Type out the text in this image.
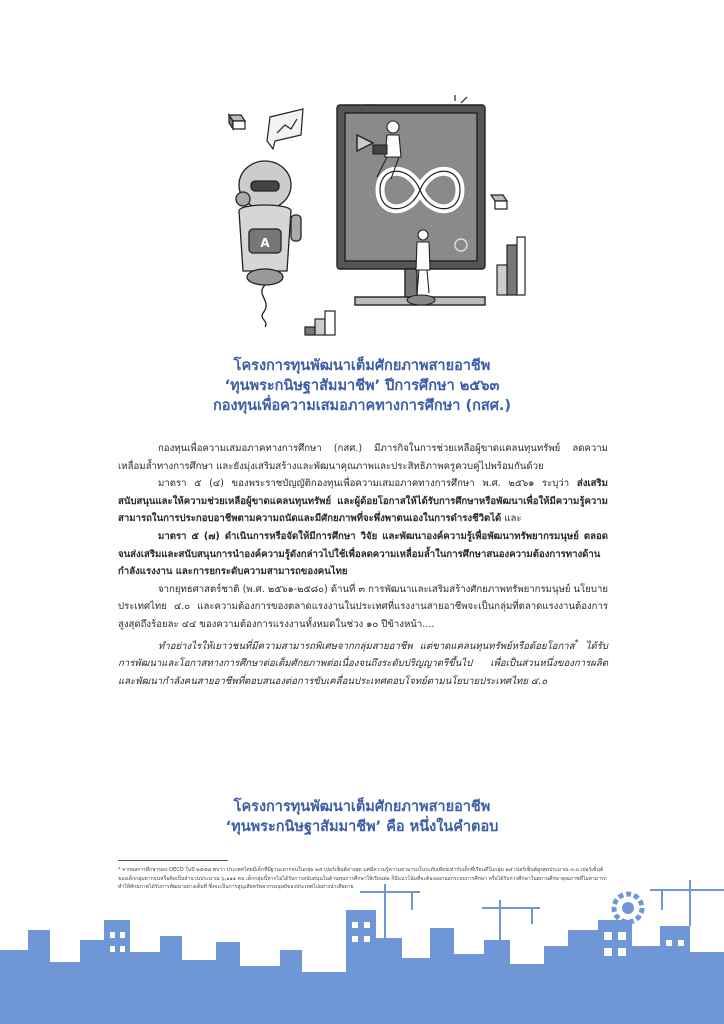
A
โครงการทุนพัฒนาเต็มศักยภาพสายอาชีพ
‘ทุนพระกนิษฐาสัมมาชีพ’ ปีการศึกษา ๒๕๖๓
กองทุนเพื่อความเสมอภาคทางการศึกษา (กสศ.)

กองทุนเพื่อความเสมอภาคทางการศึกษา (กสศ.) มีภารกิจในการช่วยเหลือผู้ขาดแคลนทุนทรัพย์ ลดความเหลื่อมล้ำทางการศึกษา และยังมุ่งเสริมสร้างและพัฒนาคุณภาพและประสิทธิภาพครูควบคู่ไปพร้อมกันด้วย

มาตรา ๕ (๔) ของพระราชบัญญัติกองทุนเพื่อความเสมอภาคทางการศึกษา พ.ศ. ๒๕๖๑ ระบุว่า ส่งเสริม สนับสนุนและให้ความช่วยเหลือผู้ขาดแคลนทุนทรัพย์ และผู้ด้อยโอกาสให้ได้รับการศึกษาหรือพัฒนาเพื่อให้มีความรู้ความสามารถในการประกอบอาชีพตามความถนัดและมีศักยภาพที่จะพึ่งพาตนเองในการดำรงชีวิตได้ และ

มาตรา ๕ (๗) ดำเนินการหรือจัดให้มีการศึกษา วิจัย และพัฒนาองค์ความรู้เพื่อพัฒนาทรัพยากรมนุษย์ ตลอดจนส่งเสริมและสนับสนุนการนำองค์ความรู้ดังกล่าวไปใช้เพื่อลดความเหลื่อมล้ำในการศึกษาสนองความต้องการทางด้านกำลังแรงงาน และการยกระดับความสามารถของคนไทย

จากยุทธศาสตร์ชาติ (พ.ศ. ๒๕๖๑-๒๕๘๐) ด้านที่ ๓ การพัฒนาและเสริมสร้างศักยภาพทรัพยากรมนุษย์ นโยบายประเทศไทย ๔.๐ และความต้องการของตลาดแรงงานในประเทศที่แรงงานสายอาชีพจะเป็นกลุ่มที่ตลาดแรงงานต้องการสูงสุดถึงร้อยละ ๔๔ ของความต้องการแรงงานทั้งหมดในช่วง ๑๐ ปีข้างหน้า....

ทำอย่างไรให้เยาวชนที่มีความสามารถพิเศษจากกลุ่มสายอาชีพ แต่ขาดแคลนทุนทรัพย์หรือด้อยโอกาส* ได้รับการพัฒนาและโอกาสทางการศึกษาต่อเต็มศักยภาพต่อเนื่องจนถึงระดับปริญญาตรีขึ้นไป เพื่อเป็นส่วนหนึ่งของการผลิตและพัฒนากำลังคนสายอาชีพที่ตอบสนองต่อการขับเคลื่อนประเทศตอบโจทย์ตามนโยบายประเทศไทย ๔.๐

โครงการทุนพัฒนาเต็มศักยภาพสายอาชีพ
‘ทุนพระกนิษฐาสัมมาชีพ’ คือ หนึ่งในคำตอบ
* จากผลการศึกษาของ OECD ในปี ๒๕๕๗ พบว่า ประเทศไทยมีเด็กที่มีฐานะยากจนในกลุ่ม ๒๕ เปอร์เซ็นต์ล่างสุด แต่มีความรู้ความสามารถในระดับเทียบเท่ากับเด็กที่เรียนดีในกลุ่ม ๒๕ เปอร์เซ็นต์สูงสุดประมาณ ๓.๓ เปอร์เซ็นต์ ของเด็กกลุ่มยากจนหรือคิดเป็นจำนวนประมาณ ๖,๑๑๑ คน เด็กกลุ่มนี้หากไม่ได้รับการสนับสนุนในด้านทุนการศึกษาให้เรียนต่อ ก็มีแนวโน้มที่จะต้องออกนอกระบบการศึกษา หรือได้รับการศึกษาในสถานศึกษาคุณภาพที่ไม่สามารถทำให้ศักยภาพได้รับการพัฒนาอย่างเต็มที่ ซึ่งจะเป็นการสูญเสียทรัพยากรมนุษย์ของประเทศไปอย่างน่าเสียดาย
